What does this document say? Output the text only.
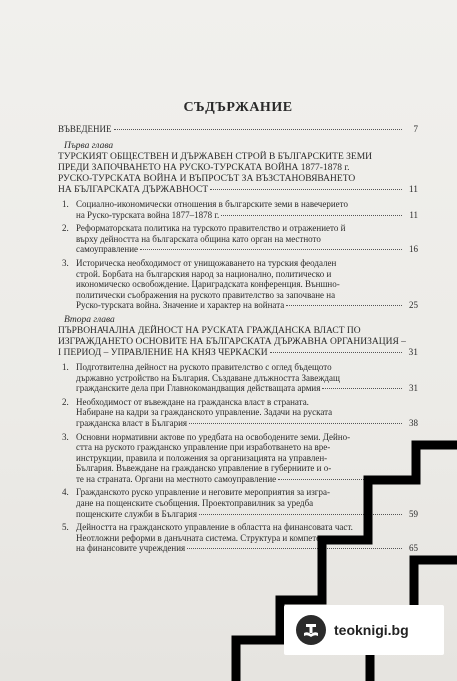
СЪДЪРЖАНИЕ
ВЪВЕДЕНИЕ	7
Първа глава
ТУРСКИЯТ ОБЩЕСТВЕН И ДЪРЖАВЕН СТРОЙ В БЪЛГАРСКИТЕ ЗЕМИ
ПРЕДИ ЗАПОЧВАНЕТО НА РУСКО-ТУРСКАТА ВОЙНА 1877-1878 г.
РУСКО-ТУРСКАТА ВОЙНА И ВЪПРОСЪТ ЗА ВЪЗСТАНОВЯВАНЕТО
НА БЪЛГАРСКАТА ДЪРЖАВНОСТ	11
1. Социално-икономически отношения в българските земи в навечерието
на Руско-турската война 1877–1878 г.	11
2. Реформаторската политика на турското правителство и отражението й
върху дейността на българската община като орган на местното
самоуправление	16
3. Историческа необходимост от унищожаването на турския феодален
строй. Борбата на българския народ за национално, политическо и
икономическо освобождение. Цариградската конференция. Външно-
политически съображения на руското правителство за започване на
Руско-турската война. Значение и характер на войната	25
Втора глава
ПЪРВОНАЧАЛНА ДЕЙНОСТ НА РУСКАТА ГРАЖДАНСКА ВЛАСТ ПО
ИЗГРАЖДАНЕТО ОСНОВИТЕ НА БЪЛГАРСКАТА ДЪРЖАВНА ОРГАНИЗАЦИЯ –
I ПЕРИОД – УПРАВЛЕНИЕ НА КНЯЗ ЧЕРКАСКИ	31
1. Подготвителна дейност на руското правителство с оглед бъдещото
държавно устройство на България. Създаване длъжността Завеждащ
гражданските дела при Главнокомандващия действащата армия	31
2. Необходимост от въвеждане на гражданска власт в страната.
Набиране на кадри за гражданското управление. Задачи на руската
гражданска власт в България	38
3. Основни нормативни актове по уредбата на освободените земи. Дейно-
стта на руското гражданско управление при изработването на вре-
инструкции, правила и положения за организацията на управлен-
България. Въвеждане на гражданско управление в губерниите и о-
те на страната. Органи на местното самоуправление	45
4. Гражданското руско управление и неговите мероприятия за изгра-
дане на пощенските съобщения. Проектоправилник за уредба
пощенските служби в България	59
5. Дейността на гражданското управление в областта на финансовата част.
Неотложни реформи в данъчната система. Структура и компетентност
на финансовите учреждения	65
teoknigi.bg
